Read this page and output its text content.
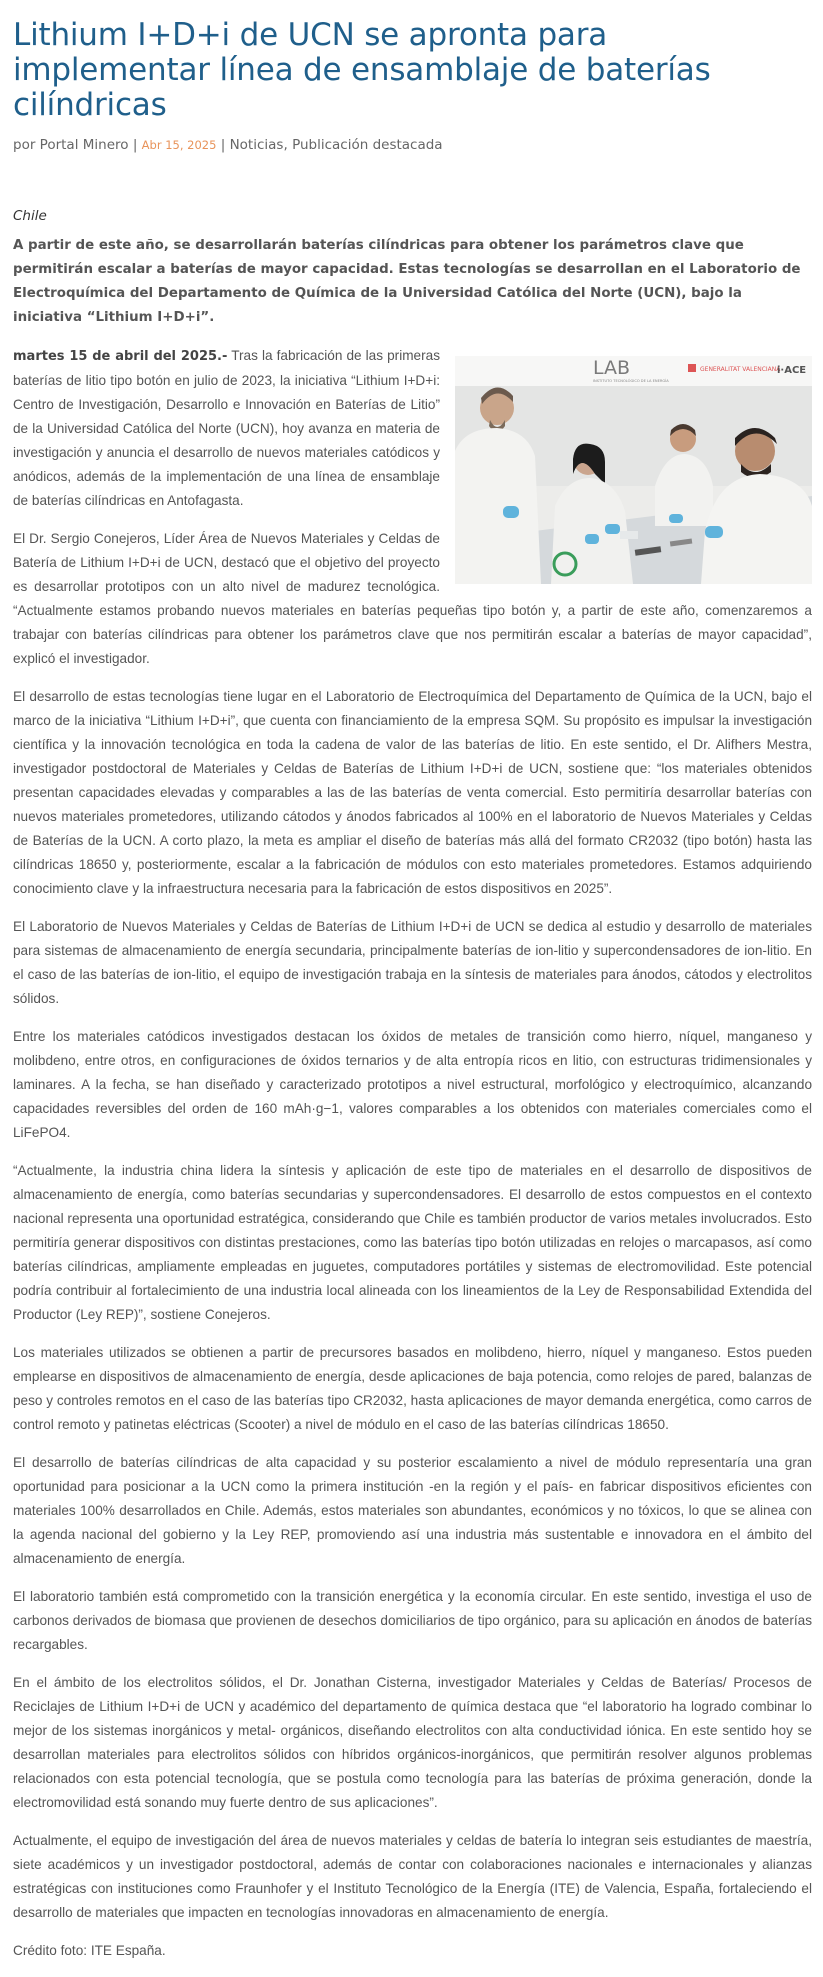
Lithium I+D+i de UCN se apronta para implementar línea de ensamblaje de baterías cilíndricas
por Portal Minero | Abr 15, 2025 | Noticias, Publicación destacada
Chile
A partir de este año, se desarrollarán baterías cilíndricas para obtener los parámetros clave que permitirán escalar a baterías de mayor capacidad. Estas tecnologías se desarrollan en el Laboratorio de Electroquímica del Departamento de Química de la Universidad Católica del Norte (UCN), bajo la iniciativa “Lithium I+D+i”.
LAB
INSTITUTO TECNOLÓGICO DE LA ENERGÍA
GENERALITAT VALENCIANA
i·ACE

martes 15 de abril del 2025.- Tras la fabricación de las primeras baterías de litio tipo botón en julio de 2023, la iniciativa “Lithium I+D+i: Centro de Investigación, Desarrollo e Innovación en Baterías de Litio” de la Universidad Católica del Norte (UCN), hoy avanza en materia de investigación y anuncia el desarrollo de nuevos materiales catódicos y anódicos, además de la implementación de una línea de ensamblaje de baterías cilíndricas en Antofagasta.

El Dr. Sergio Conejeros, Líder Área de Nuevos Materiales y Celdas de Batería de Lithium I+D+i de UCN, destacó que el objetivo del proyecto es desarrollar prototipos con un alto nivel de madurez tecnológica. “Actualmente estamos probando nuevos materiales en baterías pequeñas tipo botón y, a partir de este año, comenzaremos a trabajar con baterías cilíndricas para obtener los parámetros clave que nos permitirán escalar a baterías de mayor capacidad”, explicó el investigador.

El desarrollo de estas tecnologías tiene lugar en el Laboratorio de Electroquímica del Departamento de Química de la UCN, bajo el marco de la iniciativa “Lithium I+D+i”, que cuenta con financiamiento de la empresa SQM. Su propósito es impulsar la investigación científica y la innovación tecnológica en toda la cadena de valor de las baterías de litio. En este sentido, el Dr. Alifhers Mestra, investigador postdoctoral de Materiales y Celdas de Baterías de Lithium I+D+i de UCN, sostiene que: “los materiales obtenidos presentan capacidades elevadas y comparables a las de las baterías de venta comercial. Esto permitiría desarrollar baterías con nuevos materiales prometedores, utilizando cátodos y ánodos fabricados al 100% en el laboratorio de Nuevos Materiales y Celdas de Baterías de la UCN. A corto plazo, la meta es ampliar el diseño de baterías más allá del formato CR2032 (tipo botón) hasta las cilíndricas 18650 y, posteriormente, escalar a la fabricación de módulos con esto materiales prometedores. Estamos adquiriendo conocimiento clave y la infraestructura necesaria para la fabricación de estos dispositivos en 2025”.

El Laboratorio de Nuevos Materiales y Celdas de Baterías de Lithium I+D+i de UCN se dedica al estudio y desarrollo de materiales para sistemas de almacenamiento de energía secundaria, principalmente baterías de ion-litio y supercondensadores de ion-litio. En el caso de las baterías de ion-litio, el equipo de investigación trabaja en la síntesis de materiales para ánodos, cátodos y electrolitos sólidos.

Entre los materiales catódicos investigados destacan los óxidos de metales de transición como hierro, níquel, manganeso y molibdeno, entre otros, en configuraciones de óxidos ternarios y de alta entropía ricos en litio, con estructuras tridimensionales y laminares. A la fecha, se han diseñado y caracterizado prototipos a nivel estructural, morfológico y electroquímico, alcanzando capacidades reversibles del orden de 160 mAh·g−1, valores comparables a los obtenidos con materiales comerciales como el LiFePO4.

“Actualmente, la industria china lidera la síntesis y aplicación de este tipo de materiales en el desarrollo de dispositivos de almacenamiento de energía, como baterías secundarias y supercondensadores. El desarrollo de estos compuestos en el contexto nacional representa una oportunidad estratégica, considerando que Chile es también productor de varios metales involucrados. Esto permitiría generar dispositivos con distintas prestaciones, como las baterías tipo botón utilizadas en relojes o marcapasos, así como baterías cilíndricas, ampliamente empleadas en juguetes, computadores portátiles y sistemas de electromovilidad. Este potencial podría contribuir al fortalecimiento de una industria local alineada con los lineamientos de la Ley de Responsabilidad Extendida del Productor (Ley REP)”, sostiene Conejeros.

Los materiales utilizados se obtienen a partir de precursores basados en molibdeno, hierro, níquel y manganeso. Estos pueden emplearse en dispositivos de almacenamiento de energía, desde aplicaciones de baja potencia, como relojes de pared, balanzas de peso y controles remotos en el caso de las baterías tipo CR2032, hasta aplicaciones de mayor demanda energética, como carros de control remoto y patinetas eléctricas (Scooter) a nivel de módulo en el caso de las baterías cilíndricas 18650.

El desarrollo de baterías cilíndricas de alta capacidad y su posterior escalamiento a nivel de módulo representaría una gran oportunidad para posicionar a la UCN como la primera institución -en la región y el país- en fabricar dispositivos eficientes con materiales 100% desarrollados en Chile. Además, estos materiales son abundantes, económicos y no tóxicos, lo que se alinea con la agenda nacional del gobierno y la Ley REP, promoviendo así una industria más sustentable e innovadora en el ámbito del almacenamiento de energía.

El laboratorio también está comprometido con la transición energética y la economía circular. En este sentido, investiga el uso de carbonos derivados de biomasa que provienen de desechos domiciliarios de tipo orgánico, para su aplicación en ánodos de baterías recargables.

En el ámbito de los electrolitos sólidos, el Dr. Jonathan Cisterna, investigador Materiales y Celdas de Baterías/ Procesos de Reciclajes de Lithium I+D+i de UCN y académico del departamento de química destaca que “el laboratorio ha logrado combinar lo mejor de los sistemas inorgánicos y metal- orgánicos, diseñando electrolitos con alta conductividad iónica. En este sentido hoy se desarrollan materiales para electrolitos sólidos con híbridos orgánicos-inorgánicos, que permitirán resolver algunos problemas relacionados con esta potencial tecnología, que se postula como tecnología para las baterías de próxima generación, donde la electromovilidad está sonando muy fuerte dentro de sus aplicaciones”.

Actualmente, el equipo de investigación del área de nuevos materiales y celdas de batería lo integran seis estudiantes de maestría, siete académicos y un investigador postdoctoral, además de contar con colaboraciones nacionales e internacionales y alianzas estratégicas con instituciones como Fraunhofer y el Instituto Tecnológico de la Energía (ITE) de Valencia, España, fortaleciendo el desarrollo de materiales que impacten en tecnologías innovadoras en almacenamiento de energía.

Crédito foto: ITE España.
